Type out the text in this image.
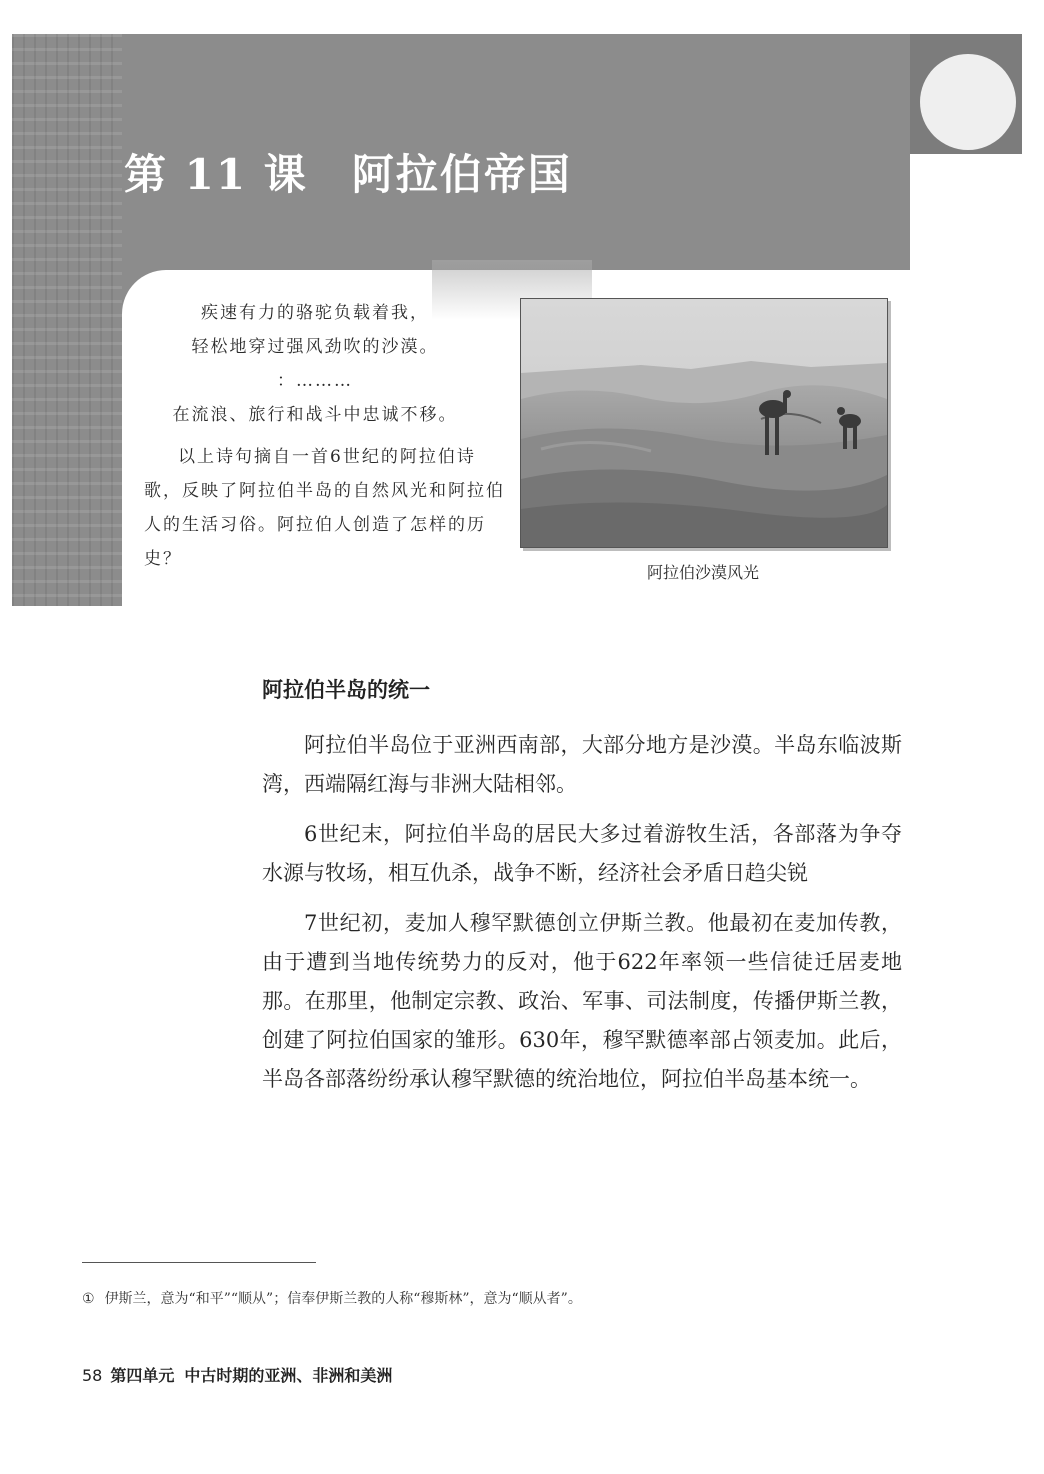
第 11 课　阿拉伯帝国
疾速有力的骆驼负载着我，
轻松地穿过强风劲吹的沙漠。
：………
在流浪、旅行和战斗中忠诚不移。

以上诗句摘自一首6世纪的阿拉伯诗歌，反映了阿拉伯半岛的自然风光和阿拉伯人的生活习俗。阿拉伯人创造了怎样的历史？

阿拉伯沙漠风光
阿拉伯半岛的统一

阿拉伯半岛位于亚洲西南部，大部分地方是沙漠。半岛东临波斯湾，西端隔红海与非洲大陆相邻。

6世纪末，阿拉伯半岛的居民大多过着游牧生活，各部落为争夺水源与牧场，相互仇杀，战争不断，经济社会矛盾日趋尖锐

7世纪初，麦加人穆罕默德创立伊斯兰教。他最初在麦加传教，由于遭到当地传统势力的反对，他于622年率领一些信徒迁居麦地那。在那里，他制定宗教、政治、军事、司法制度，传播伊斯兰教，创建了阿拉伯国家的雏形。630年，穆罕默德率部占领麦加。此后，半岛各部落纷纷承认穆罕默德的统治地位，阿拉伯半岛基本统一。

① 伊斯兰，意为“和平”“顺从”；信奉伊斯兰教的人称“穆斯林”，意为“顺从者”。
58 第四单元 中古时期的亚洲、非洲和美洲
